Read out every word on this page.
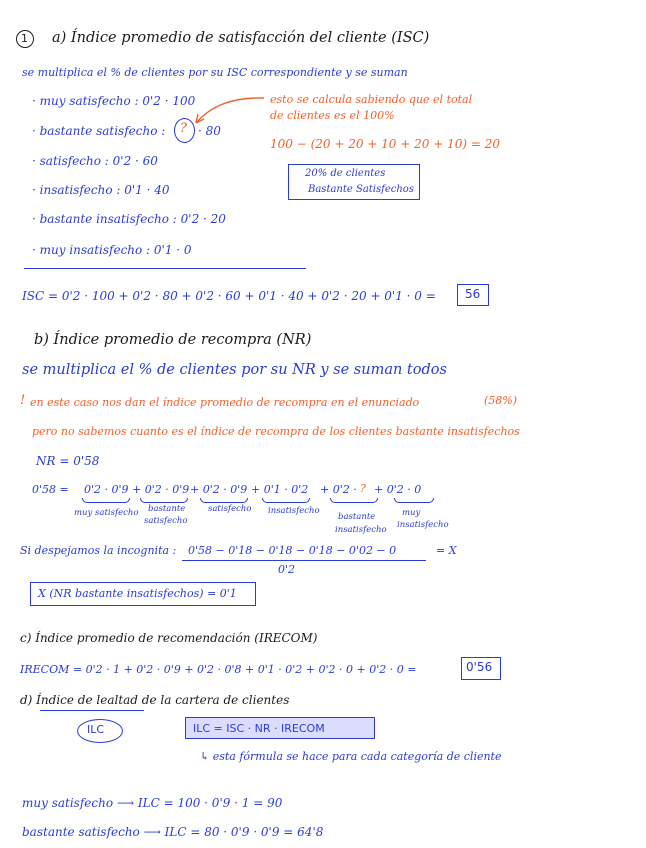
1 a) Índice promedio de satisfacción del cliente (ISC)
se multiplica el % de clientes por su ISC correspondiente y se suman
· muy satisfecho : 0'2 · 100
· bastante satisfecho : ? · 80
· satisfecho : 0'2 · 60
· insatisfecho : 0'1 · 40
· bastante insatisfecho : 0'2 · 20
· muy insatisfecho : 0'1 · 0
esto se calcula sabiendo que el total
de clientes es el 100%
100 − (20 + 20 + 10 + 20 + 10) = 20
20% de clientes
Bastante Satisfechos
ISC = 0'2 · 100 + 0'2 · 80 + 0'2 · 60 + 0'1 · 40 + 0'2 · 20 + 0'1 · 0 = 56
b) Índice promedio de recompra (NR)
se multiplica el % de clientes por su NR y se suman todos
! en este caso nos dan el índice promedio de recompra en el enunciado	(58%)
pero no sabemos cuanto es el índice de recompra de los clientes bastante insatisfechos
NR = 0'58
0'58 = 0'2 · 0'9 + 0'2 · 0'9 + 0'2 · 0'9 + 0'1 · 0'2 + 0'2 · ? + 0'2 · 0
muy satisfecho bastante
satisfecho
satisfecho insatisfecho
bastante
insatisfecho
muy
insatisfecho
Si despejamos la incognita : 0'58 − 0'18 − 0'18 − 0'18 − 0'02 − 0
0'2
= X
X (NR bastante insatisfechos) = 0'1
c) Índice promedio de recomendación (IRECOM)
IRECOM = 0'2 · 1 + 0'2 · 0'9 + 0'2 · 0'8 + 0'1 · 0'2 + 0'2 · 0 + 0'2 · 0 =	0'56
d) Índice de lealtad de la cartera de clientes
ILC	ILC = ISC · NR · IRECOM
↳ esta fórmula se hace para cada categoría de cliente
muy satisfecho ⟶ ILC = 100 · 0'9 · 1 = 90
bastante satisfecho ⟶ ILC = 80 · 0'9 · 0'9 = 64'8
